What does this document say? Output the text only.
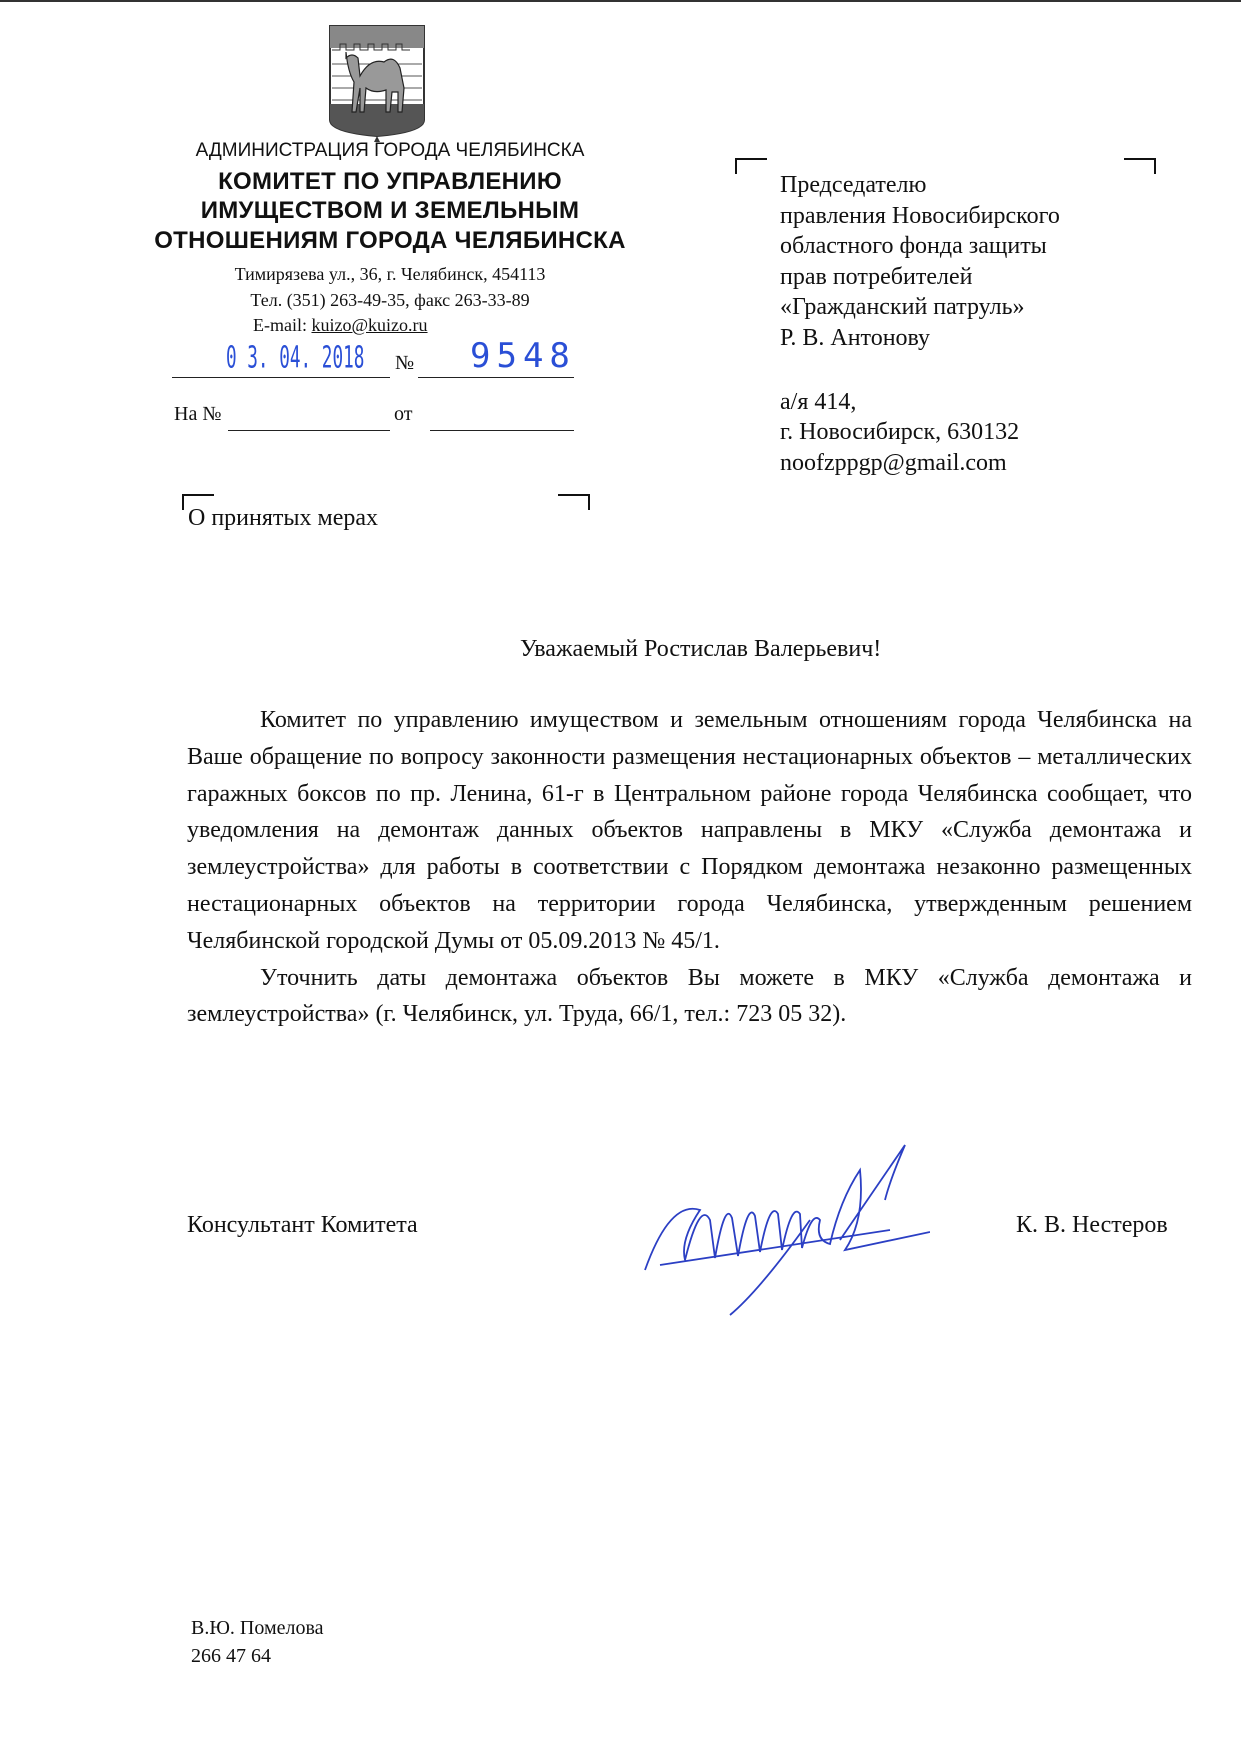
АДМИНИСТРАЦИЯ ГОРОДА ЧЕЛЯБИНСКА
КОМИТЕТ ПО УПРАВЛЕНИЮ
ИМУЩЕСТВОМ И ЗЕМЕЛЬНЫМ
ОТНОШЕНИЯМ ГОРОДА ЧЕЛЯБИНСКА
Тимирязева ул., 36, г. Челябинск, 454113
Тел. (351) 263-49-35, факс 263-33-89
E-mail: kuizo@kuizo.ru
0 3. 04. 2018 № 9548
На №	от
О принятых мерах
Председателю
правления Новосибирского
областного фонда защиты
прав потребителей
«Гражданский патруль»
Р. В. Антонову
а/я 414,
г. Новосибирск, 630132
noofzppgp@gmail.com
Уважаемый Ростислав Валерьевич!

Комитет по управлению имуществом и земельным отношениям города Челябинска на Ваше обращение по вопросу законности размещения нестационарных объектов – металлических гаражных боксов по пр. Ленина, 61-г в Центральном районе города Челябинска сообщает, что уведомления на демонтаж данных объектов направлены в МКУ «Служба демонтажа и землеустройства» для работы в соответствии с Порядком демонтажа незаконно размещенных нестационарных объектов на территории города Челябинска, утвержденным решением Челябинской городской Думы от 05.09.2013 № 45/1.

Уточнить даты демонтажа объектов Вы можете в МКУ «Служба демонтажа и землеустройства» (г. Челябинск, ул. Труда, 66/1, тел.: 723 05 32).

Консультант Комитета	К. В. Нестеров
В.Ю. Помелова
266 47 64
